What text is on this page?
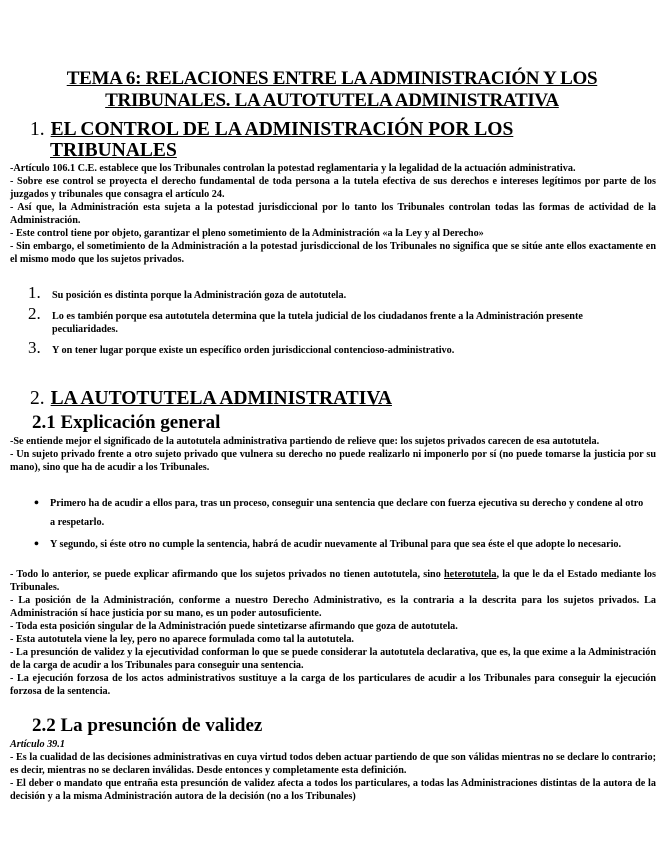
TEMA 6: RELACIONES ENTRE LA ADMINISTRACIÓN Y LOS
TRIBUNALES. LA AUTOTUTELA ADMINISTRATIVA
1. EL CONTROL DE LA ADMINISTRACIÓN POR LOS
TRIBUNALES

-Artículo 106.1 C.E. establece que los Tribunales controlan la potestad reglamentaria y la legalidad de la actuación administrativa.

- Sobre ese control se proyecta el derecho fundamental de toda persona a la tutela efectiva de sus derechos e intereses legítimos por parte de los juzgados y tribunales que consagra el artículo 24.

- Así que, la Administración esta sujeta a la potestad jurisdiccional por lo tanto los Tribunales controlan todas las formas de actividad de la Administración.

- Este control tiene por objeto, garantizar el pleno sometimiento de la Administración «a la Ley y al Derecho»

- Sin embargo, el sometimiento de la Administración a la potestad jurisdiccional de los Tribunales no significa que se sitúe ante ellos exactamente en el mismo modo que los sujetos privados.

1. Su posición es distinta porque la Administración goza de autotutela.
2. Lo es también porque esa autotutela determina que la tutela judicial de los ciudadanos frente a la Administración presente peculiaridades.
3. Y on tener lugar porque existe un específico orden jurisdiccional contencioso-administrativo.
2. LA AUTOTUTELA ADMINISTRATIVA
2.1 Explicación general

-Se entiende mejor el significado de la autotutela administrativa partiendo de relieve que: los sujetos privados carecen de esa autotutela.

- Un sujeto privado frente a otro sujeto privado que vulnera su derecho no puede realizarlo ni imponerlo por sí (no puede tomarse la justicia por su mano), sino que ha de acudir a los Tribunales.

• Primero ha de acudir a ellos para, tras un proceso, conseguir una sentencia que declare con fuerza ejecutiva su derecho y condene al otro a respetarlo.
• Y segundo, si éste otro no cumple la sentencia, habrá de acudir nuevamente al Tribunal para que sea éste el que adopte lo necesario.

- Todo lo anterior, se puede explicar afirmando que los sujetos privados no tienen autotutela, sino heterotutela, la que le da el Estado mediante los Tribunales.

- La posición de la Administración, conforme a nuestro Derecho Administrativo, es la contraria a la descrita para los sujetos privados. La Administración sí hace justicia por su mano, es un poder autosuficiente.

- Toda esta posición singular de la Administración puede sintetizarse afirmando que goza de autotutela.

- Esta autotutela viene la ley, pero no aparece formulada como tal la autotutela.

- La presunción de validez y la ejecutividad conforman lo que se puede considerar la autotutela declarativa, que es, la que exime a la Administración de la carga de acudir a los Tribunales para conseguir una sentencia.

- La ejecución forzosa de los actos administrativos sustituye a la carga de los particulares de acudir a los Tribunales para conseguir la ejecución forzosa de la sentencia.

2.2 La presunción de validez

Artículo 39.1

- Es la cualidad de las decisiones administrativas en cuya virtud todos deben actuar partiendo de que son válidas mientras no se declare lo contrario; es decir, mientras no se declaren inválidas. Desde entonces y completamente esta definición.

- El deber o mandato que entraña esta presunción de validez afecta a todos los particulares, a todas las Administraciones distintas de la autora de la decisión y a la misma Administración autora de la decisión (no a los Tribunales)
